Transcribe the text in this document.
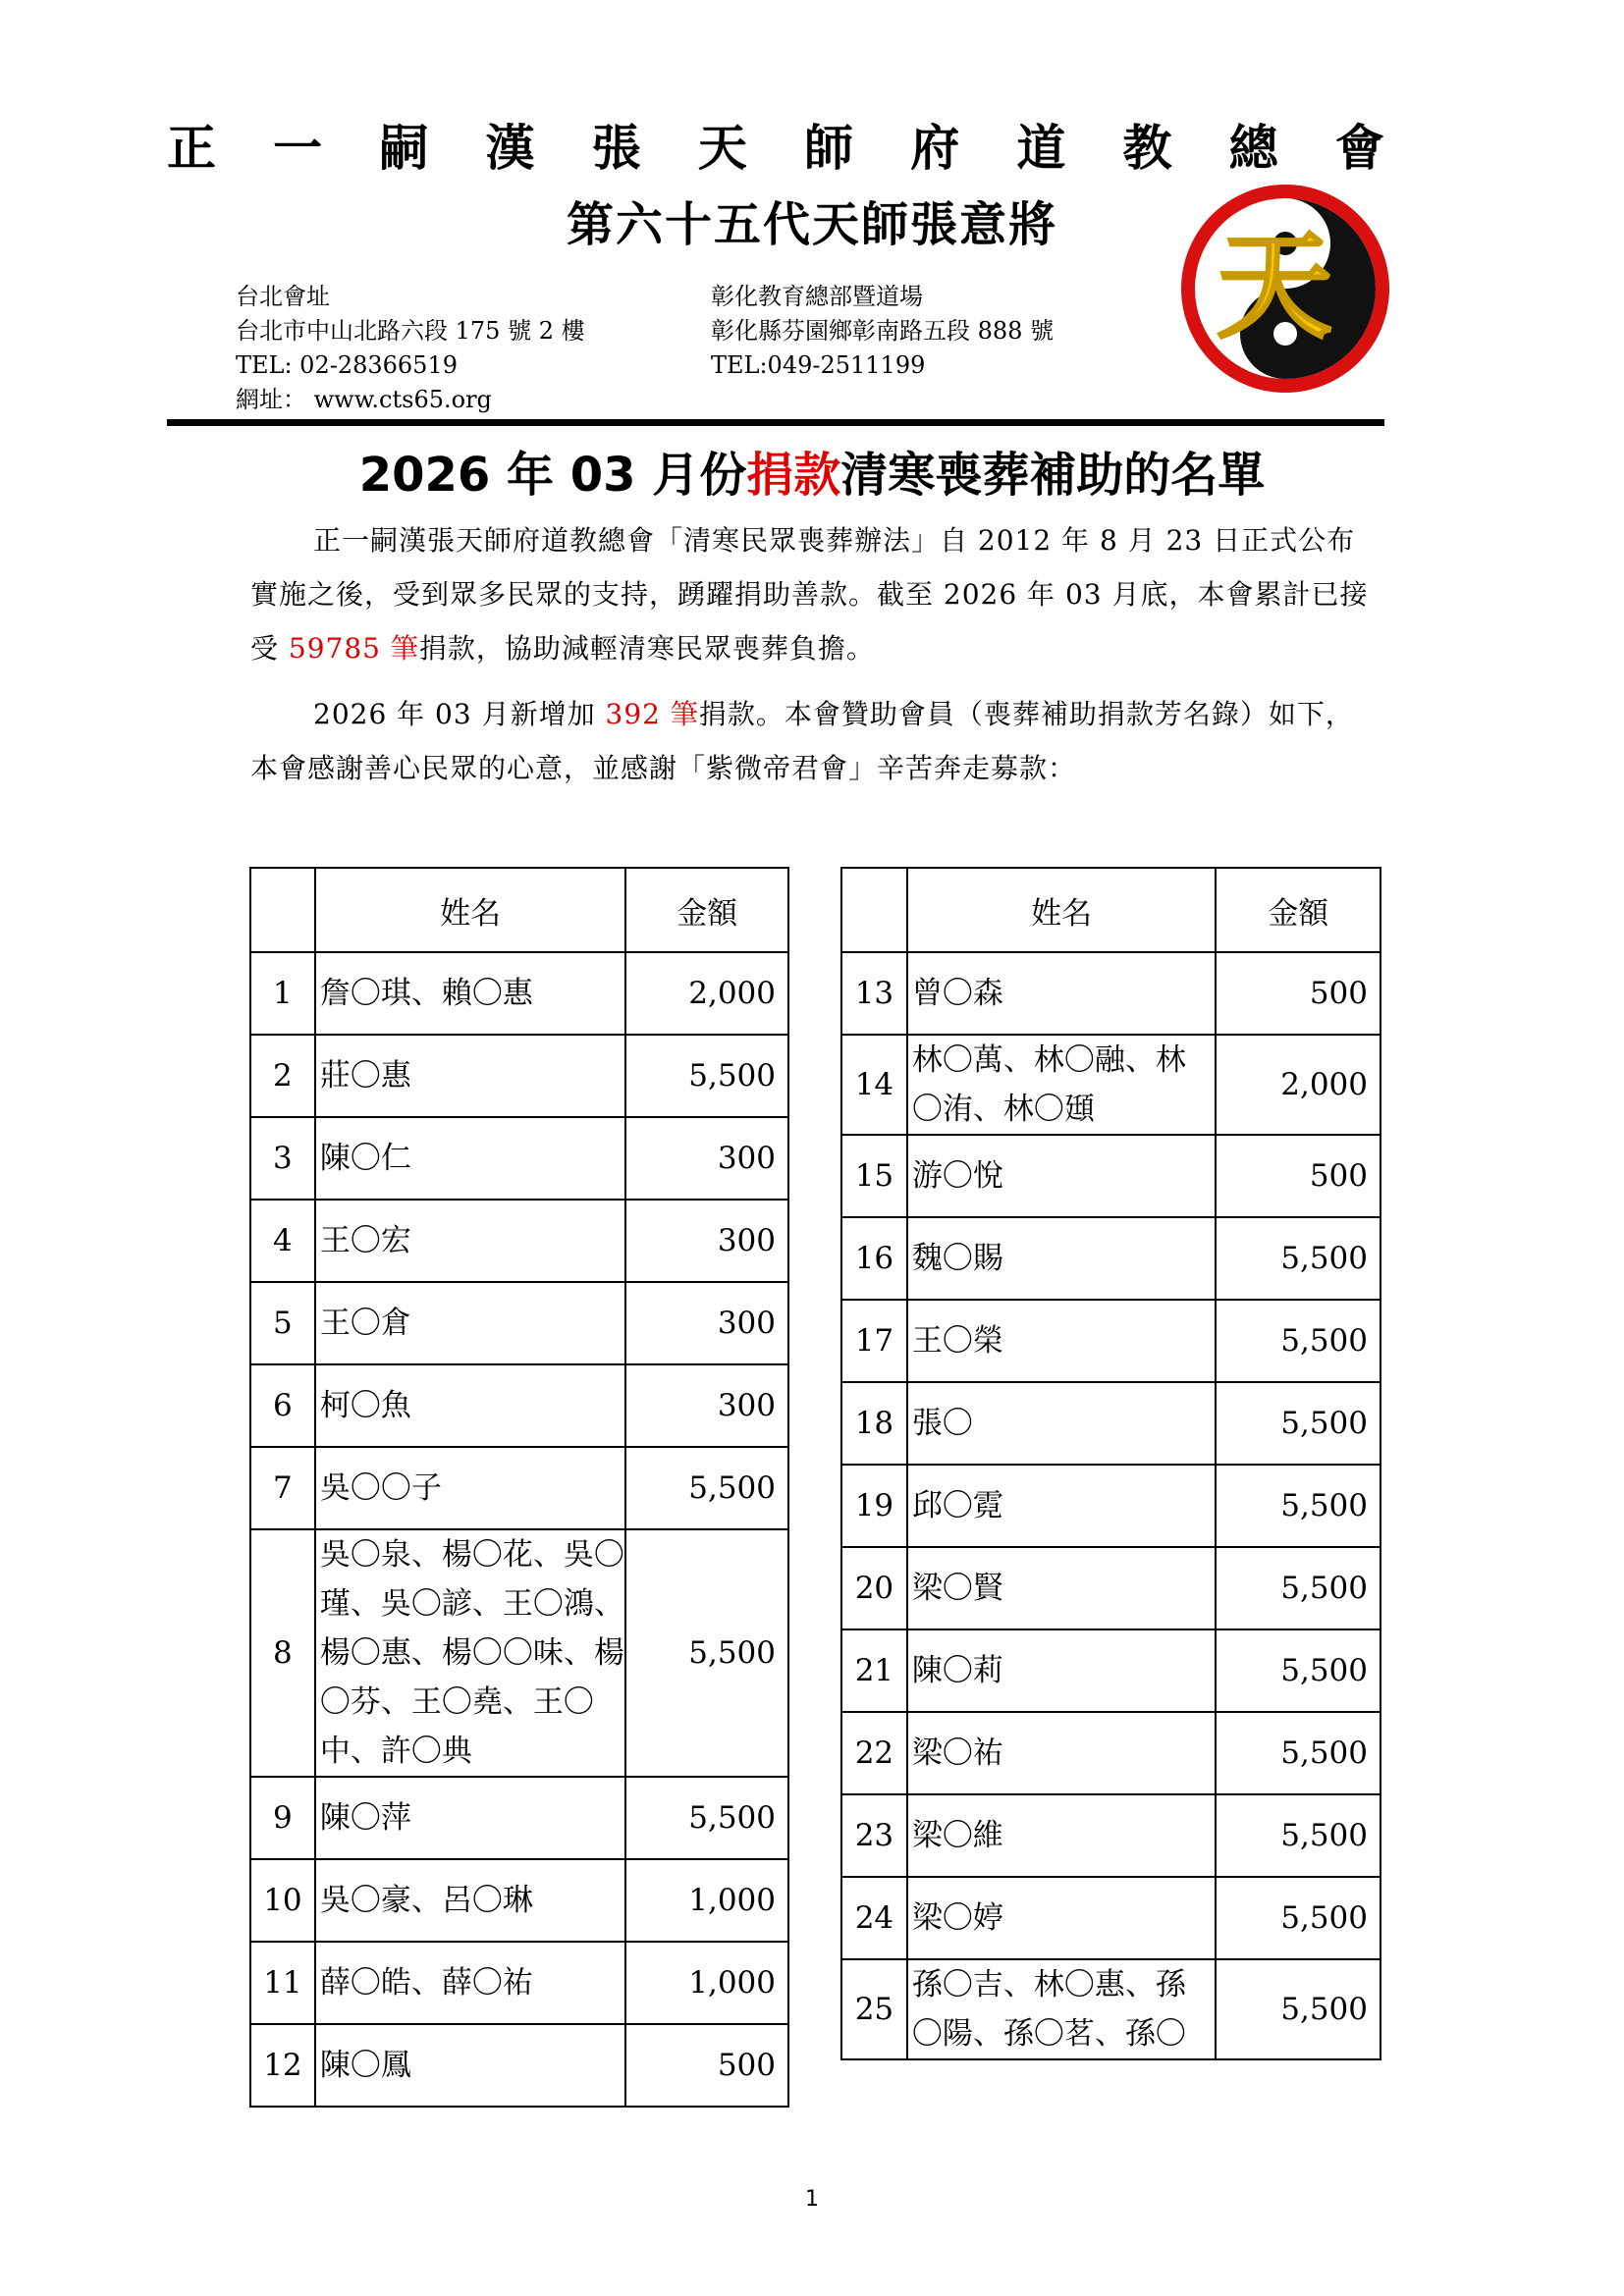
正 一 嗣 漢 張 天 師 府 道 教 總 會
第六十五代天師張意將	天
台北會址
台北市中山北路六段 175 號 2 樓
TEL: 02-28366519
網址： www.cts65.org
彰化教育總部暨道場
彰化縣芬園鄉彰南路五段 888 號
TEL:049-2511199
2026 年 03 月份捐款清寒喪葬補助的名單
正一嗣漢張天師府道教總會「清寒民眾喪葬辦法」自 2012 年 8 月 23 日正式公布實施之後，受到眾多民眾的支持，踴躍捐助善款。截至 2026 年 03 月底，本會累計已接受 59785 筆捐款，協助減輕清寒民眾喪葬負擔。
2026 年 03 月新增加 392 筆捐款。本會贊助會員（喪葬補助捐款芳名錄）如下，本會感謝善心民眾的心意，並感謝「紫微帝君會」辛苦奔走募款：
	姓名	金額
1	詹〇琪、賴〇惠	2,000
2	莊〇惠	5,500
3	陳〇仁	300
4	王〇宏	300
5	王〇倉	300
6	柯〇魚	300
7	吳〇〇子	5,500
8	吳〇泉、楊〇花、吳〇瑾、吳〇諺、王〇鴻、楊〇惠、楊〇〇味、楊〇芬、王〇堯、王〇中、許〇典	5,500
9	陳〇萍	5,500
10	吳〇豪、呂〇琳	1,000
11	薛〇皓、薛〇祐	1,000
12	陳〇鳳	500
	姓名	金額
13	曾〇森	500
14	林〇萬、林〇融、林〇洧、林〇頲	2,000
15	游〇悅	500
16	魏〇賜	5,500
17	王〇榮	5,500
18	張〇	5,500
19	邱〇霓	5,500
20	梁〇賢	5,500
21	陳〇莉	5,500
22	梁〇祐	5,500
23	梁〇維	5,500
24	梁〇婷	5,500
25	孫〇吉、林〇惠、孫〇陽、孫〇茗、孫〇	5,500
1
